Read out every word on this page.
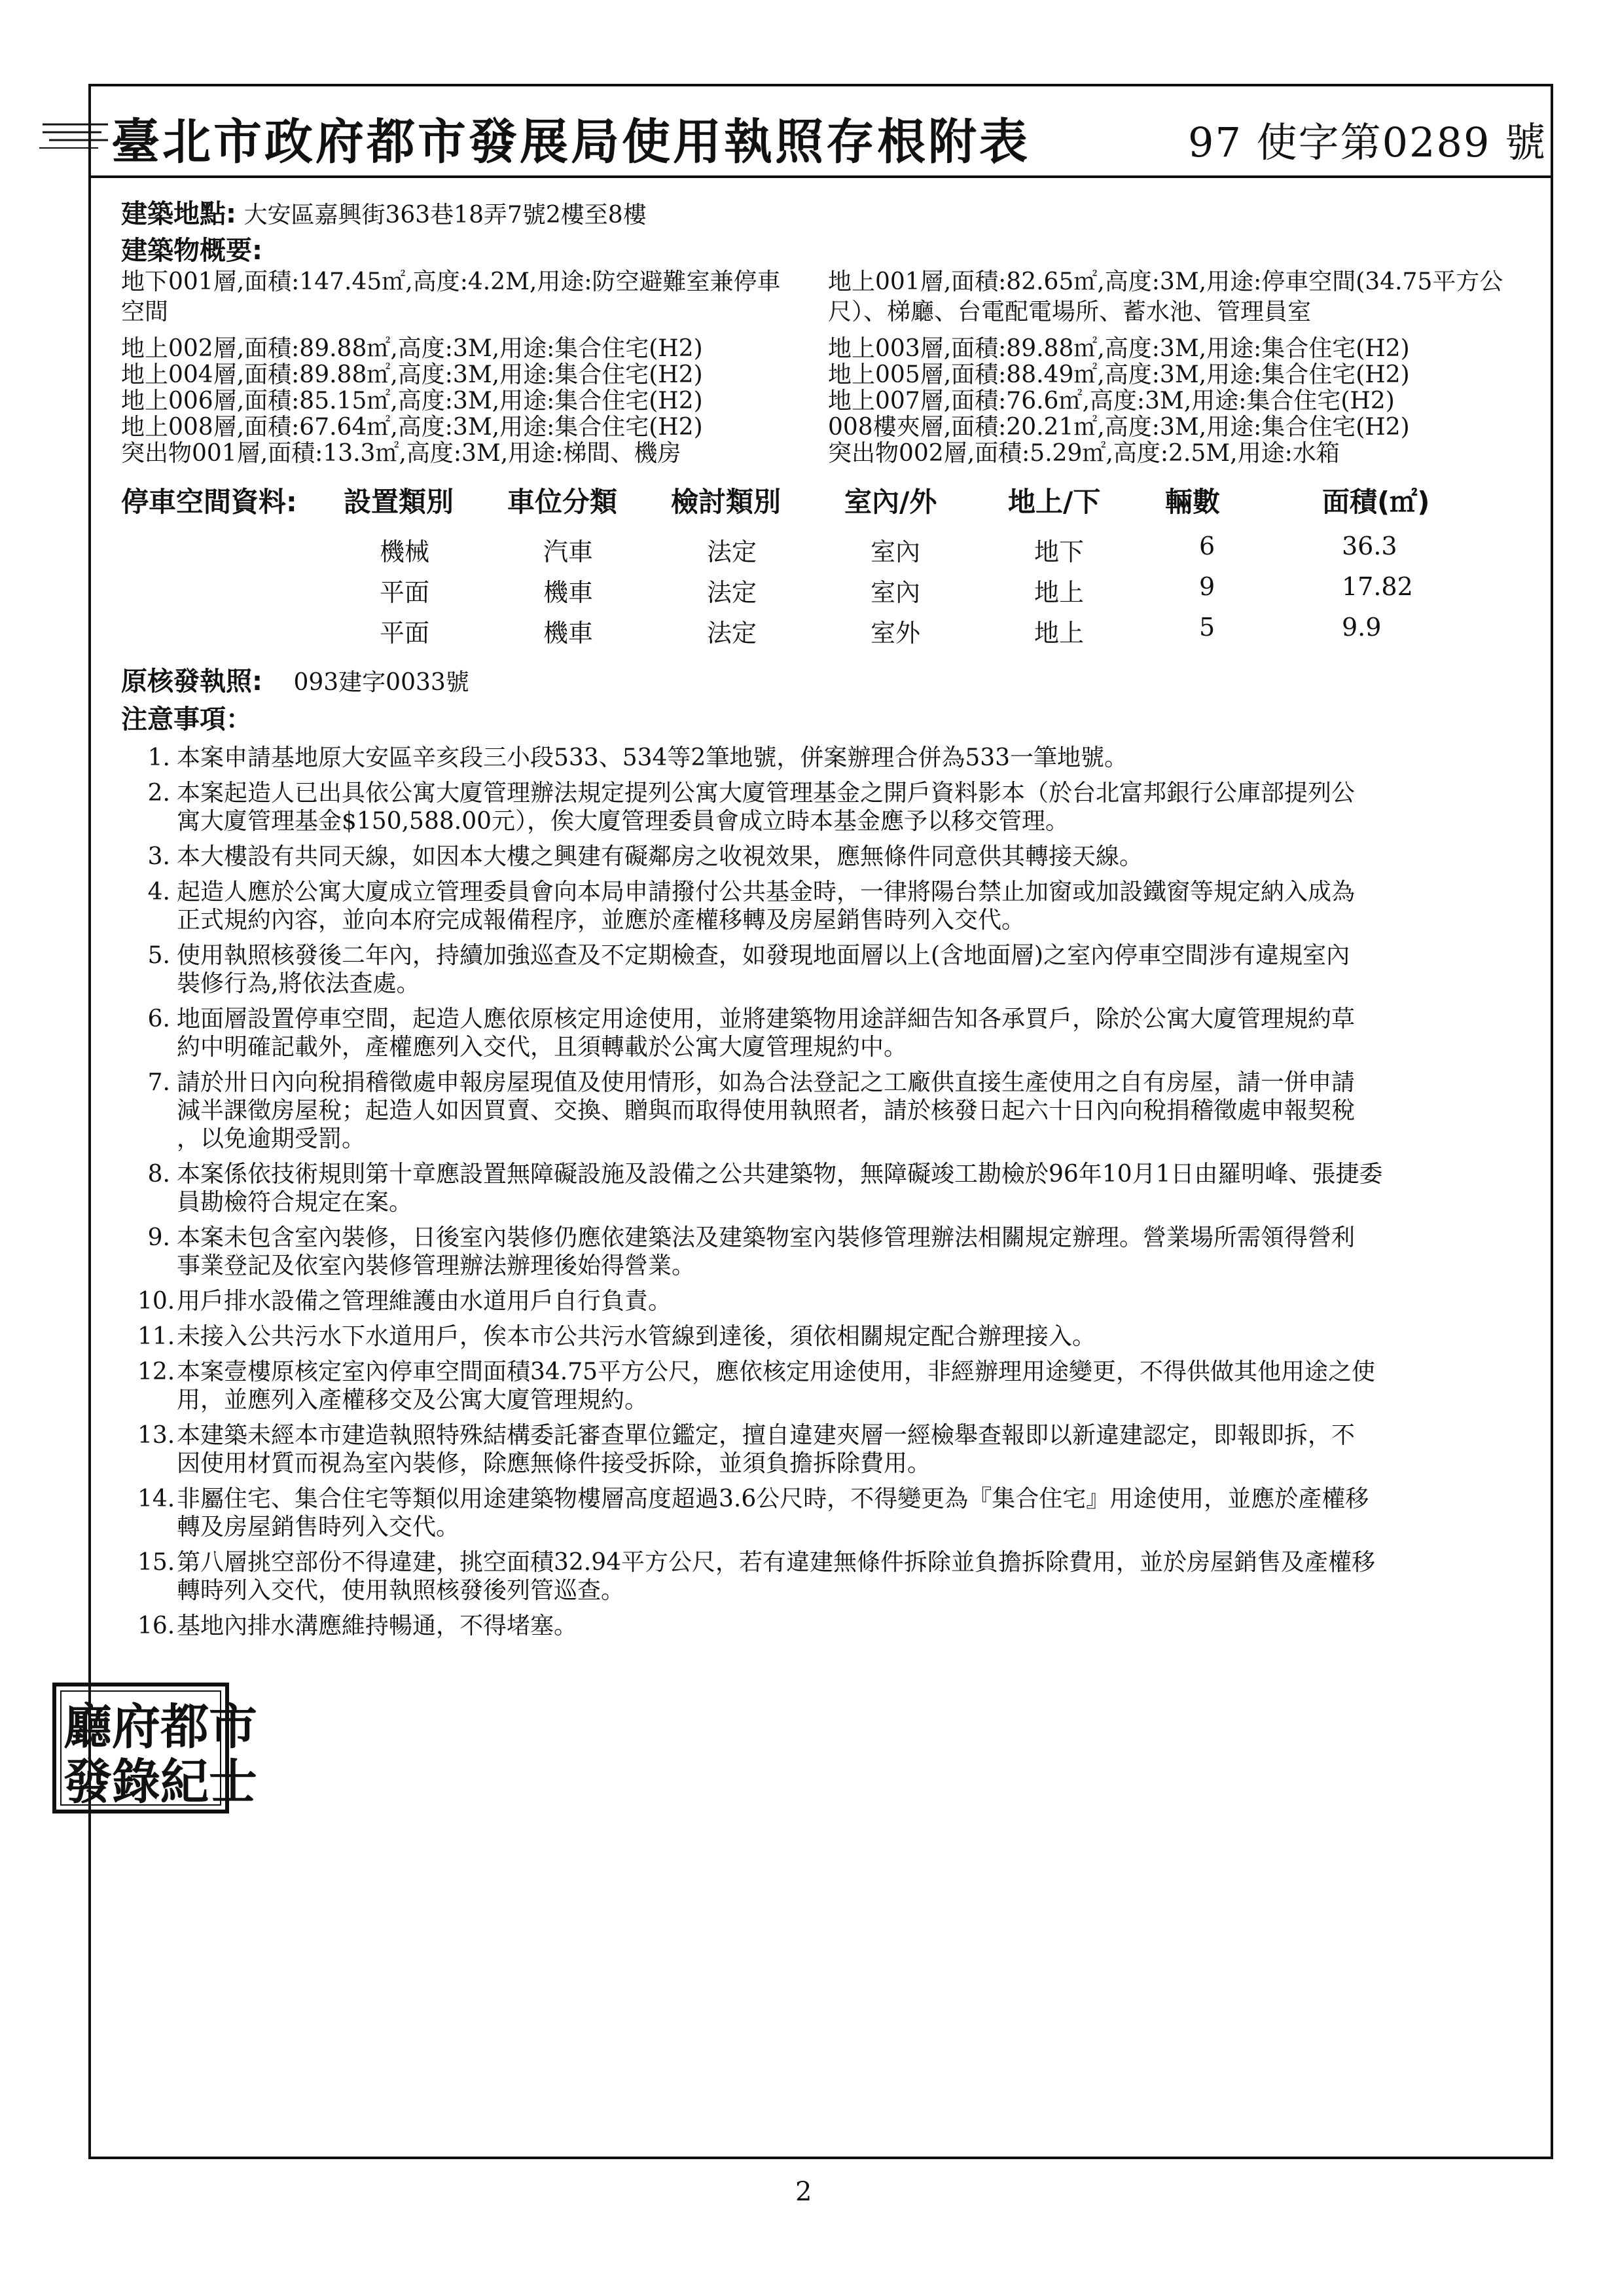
臺北市政府都市發展局使用執照存根附表	97 使字第0289 號
建築地點: 大安區嘉興街363巷18弄7號2樓至8樓
建築物概要:
地下001層,面積:147.45㎡,高度:4.2M,用途:防空避難室兼停車
空間
地上002層,面積:89.88㎡,高度:3M,用途:集合住宅(H2)
地上004層,面積:89.88㎡,高度:3M,用途:集合住宅(H2)
地上006層,面積:85.15㎡,高度:3M,用途:集合住宅(H2)
地上008層,面積:67.64㎡,高度:3M,用途:集合住宅(H2)
突出物001層,面積:13.3㎡,高度:3M,用途:梯間、機房
地上001層,面積:82.65㎡,高度:3M,用途:停車空間(34.75平方公
尺）、梯廳、台電配電場所、蓄水池、管理員室
地上003層,面積:89.88㎡,高度:3M,用途:集合住宅(H2)
地上005層,面積:88.49㎡,高度:3M,用途:集合住宅(H2)
地上007層,面積:76.6㎡,高度:3M,用途:集合住宅(H2)
008樓夾層,面積:20.21㎡,高度:3M,用途:集合住宅(H2)
突出物002層,面積:5.29㎡,高度:2.5M,用途:水箱
停車空間資料: 設置類別 車位分類 檢討類別 室內/外	地上/下 輛數	面積(㎡)
機械	汽車	法定	室內	地下	6	36.3
平面	機車	法定	室內	地上	9	17.82
平面	機車	法定	室外	地上	5	9.9
原核發執照: 093建字0033號
注意事項：
1. 本案申請基地原大安區辛亥段三小段533、534等2筆地號，併案辦理合併為533一筆地號。
2. 本案起造人已出具依公寓大廈管理辦法規定提列公寓大廈管理基金之開戶資料影本（於台北富邦銀行公庫部提列公
寓大廈管理基金$150,588.00元），俟大廈管理委員會成立時本基金應予以移交管理。
3. 本大樓設有共同天線，如因本大樓之興建有礙鄰房之收視效果，應無條件同意供其轉接天線。
4. 起造人應於公寓大廈成立管理委員會向本局申請撥付公共基金時，一律將陽台禁止加窗或加設鐵窗等規定納入成為
正式規約內容，並向本府完成報備程序，並應於產權移轉及房屋銷售時列入交代。
5. 使用執照核發後二年內，持續加強巡查及不定期檢查，如發現地面層以上(含地面層)之室內停車空間涉有違規室內
裝修行為,將依法查處。
6. 地面層設置停車空間，起造人應依原核定用途使用，並將建築物用途詳細告知各承買戶，除於公寓大廈管理規約草
約中明確記載外，產權應列入交代，且須轉載於公寓大廈管理規約中。
7. 請於卅日內向稅捐稽徵處申報房屋現值及使用情形，如為合法登記之工廠供直接生產使用之自有房屋，請一併申請
減半課徵房屋稅；起造人如因買賣、交換、贈與而取得使用執照者，請於核發日起六十日內向稅捐稽徵處申報契稅
，以免逾期受罰。
8. 本案係依技術規則第十章應設置無障礙設施及設備之公共建築物，無障礙竣工勘檢於96年10月1日由羅明峰、張捷委
員勘檢符合規定在案。
9. 本案未包含室內裝修，日後室內裝修仍應依建築法及建築物室內裝修管理辦法相關規定辦理。營業場所需領得營利
事業登記及依室內裝修管理辦法辦理後始得營業。
10. 用戶排水設備之管理維護由水道用戶自行負責。
11. 未接入公共污水下水道用戶，俟本市公共污水管線到達後，須依相關規定配合辦理接入。
12. 本案壹樓原核定室內停車空間面積34.75平方公尺，應依核定用途使用，非經辦理用途變更，不得供做其他用途之使
用，並應列入產權移交及公寓大廈管理規約。
13. 本建築未經本市建造執照特殊結構委託審查單位鑑定，擅自違建夾層一經檢舉查報即以新違建認定，即報即拆，不
因使用材質而視為室內裝修，除應無條件接受拆除，並須負擔拆除費用。
14. 非屬住宅、集合住宅等類似用途建築物樓層高度超過3.6公尺時，不得變更為『集合住宅』用途使用，並應於產權移
轉及房屋銷售時列入交代。
15. 第八層挑空部份不得違建，挑空面積32.94平方公尺，若有違建無條件拆除並負擔拆除費用，並於房屋銷售及產權移
轉時列入交代，使用執照核發後列管巡查。
16. 基地內排水溝應維持暢通，不得堵塞。
廳府都市
發錄紀士
2
